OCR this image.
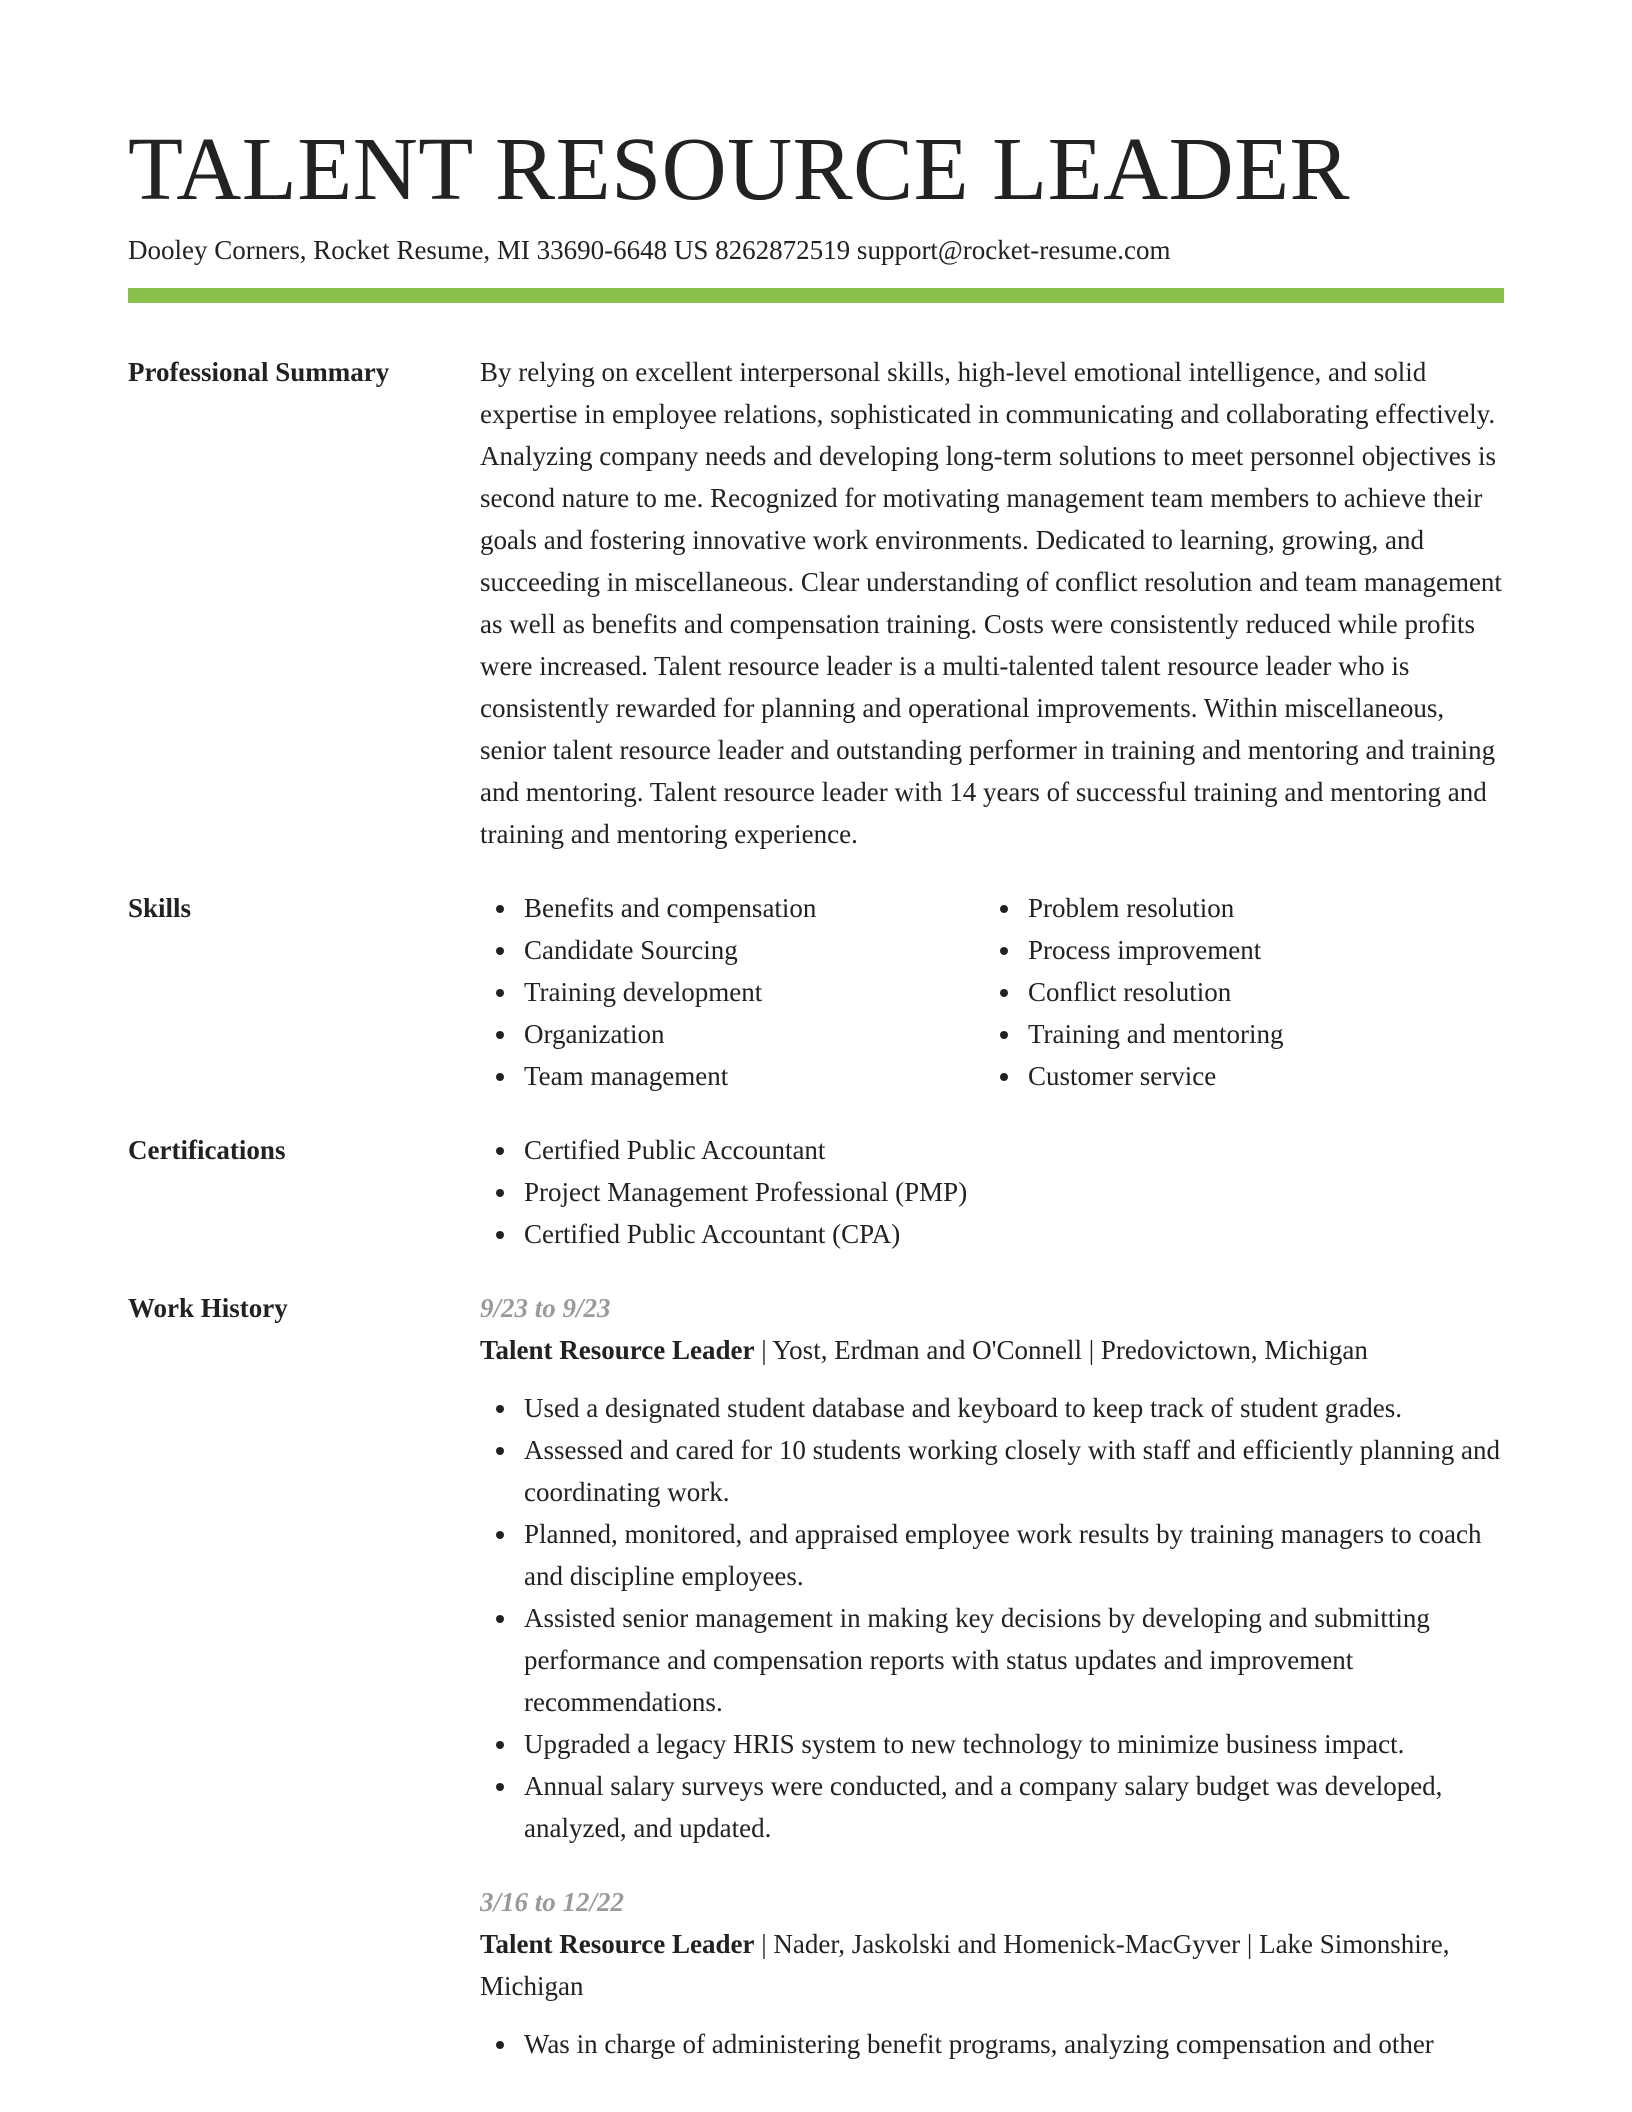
TALENT RESOURCE LEADER
Dooley Corners, Rocket Resume, MI 33690-6648 US 8262872519 support@rocket-resume.com
Professional Summary	By relying on excellent interpersonal skills, high-level emotional intelligence, and solid expertise in employee relations, sophisticated in communicating and collaborating effectively. Analyzing company needs and developing long-term solutions to meet personnel objectives is second nature to me. Recognized for motivating management team members to achieve their goals and fostering innovative work environments. Dedicated to learning, growing, and succeeding in miscellaneous. Clear understanding of conflict resolution and team management as well as benefits and compensation training. Costs were consistently reduced while profits were increased. Talent resource leader is a multi-talented talent resource leader who is consistently rewarded for planning and operational improvements. Within miscellaneous, senior talent resource leader and outstanding performer in training and mentoring and training and mentoring. Talent resource leader with 14 years of successful training and mentoring and training and mentoring experience.

Skills	Benefits and compensation
Candidate Sourcing
Training development
Organization
Team management
Problem resolution
Process improvement
Conflict resolution
Training and mentoring
Customer service
Certifications	Certified Public Accountant
Project Management Professional (PMP)
Certified Public Accountant (CPA)
Work History	9/23 to 9/23
Talent Resource Leader | Yost, Erdman and O'Connell | Predovictown, Michigan
Used a designated student database and keyboard to keep track of student grades.
Assessed and cared for 10 students working closely with staff and efficiently planning and coordinating work.
Planned, monitored, and appraised employee work results by training managers to coach and discipline employees.
Assisted senior management in making key decisions by developing and submitting performance and compensation reports with status updates and improvement recommendations.
Upgraded a legacy HRIS system to new technology to minimize business impact.
Annual salary surveys were conducted, and a company salary budget was developed, analyzed, and updated.
3/16 to 12/22
Talent Resource Leader | Nader, Jaskolski and Homenick-MacGyver | Lake Simonshire, Michigan
Was in charge of administering benefit programs, analyzing compensation and other
